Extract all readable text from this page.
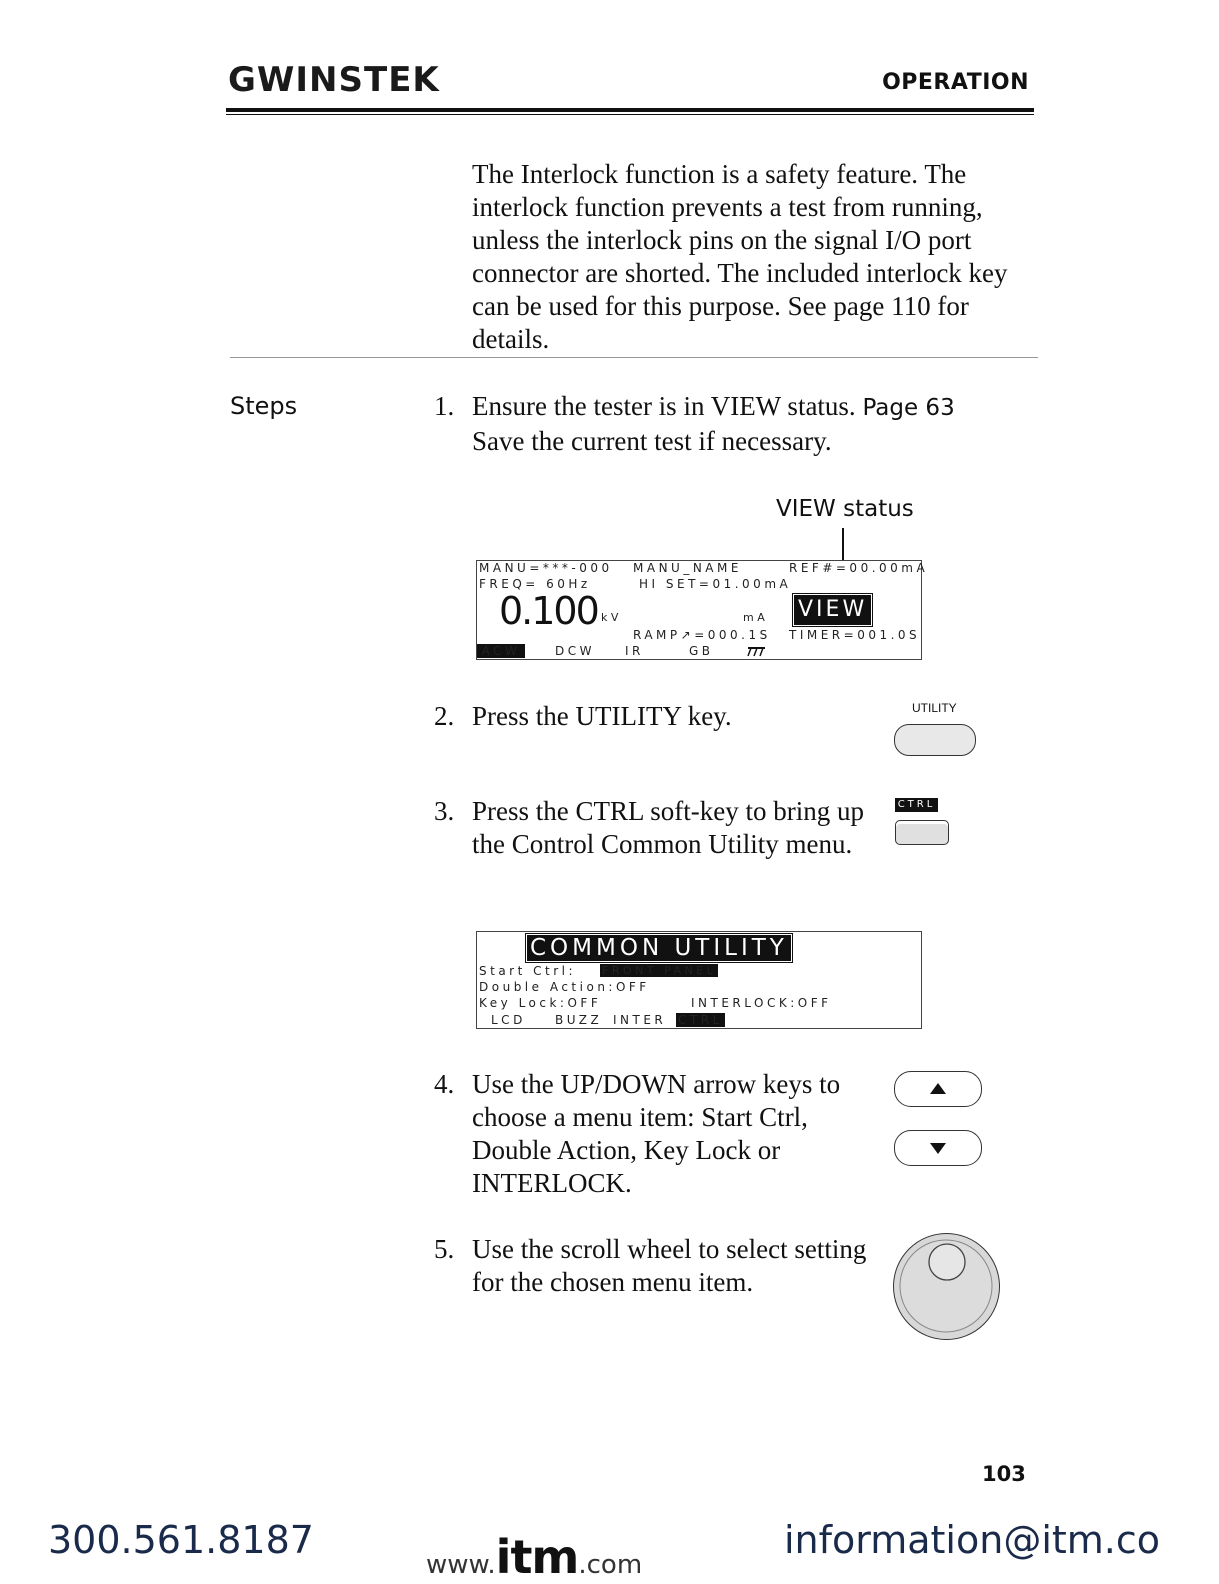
GWINSTEK	OPERATION
The Interlock function is a safety feature. The interlock function prevents a test from running, unless the interlock pins on the signal I/O port connector are shorted. The included interlock key can be used for this purpose. See page 110 for details.
Steps	1. Ensure the tester is in VIEW status. Page 63
Save the current test if necessary.
VIEW status
MANU=***-000 MANU_NAME	REF#=00.00mA
FREQ= 60Hz	HI SET=01.00mA
0.100 kV	mA VIEW
RAMP↗=000.1S TIMER=001.0S
ACW	DCW	IR	GB
2. Press the UTILITY key.	UTILITY
3. Press the CTRL soft-key to bring up the Control Common Utility menu.
CTRL
COMMON UTILITY
Start Ctrl: FRONT PANEL
Double Action:OFF
Key Lock:OFF	INTERLOCK:OFF
LCD BUZZ INTER CTRL
4. Use the UP/DOWN arrow keys to choose a menu item: Start Ctrl, Double Action, Key Lock or INTERLOCK.
5. Use the scroll wheel to select setting for the chosen menu item.
103
300.561.8187
www.itm.com
information@itm.co
